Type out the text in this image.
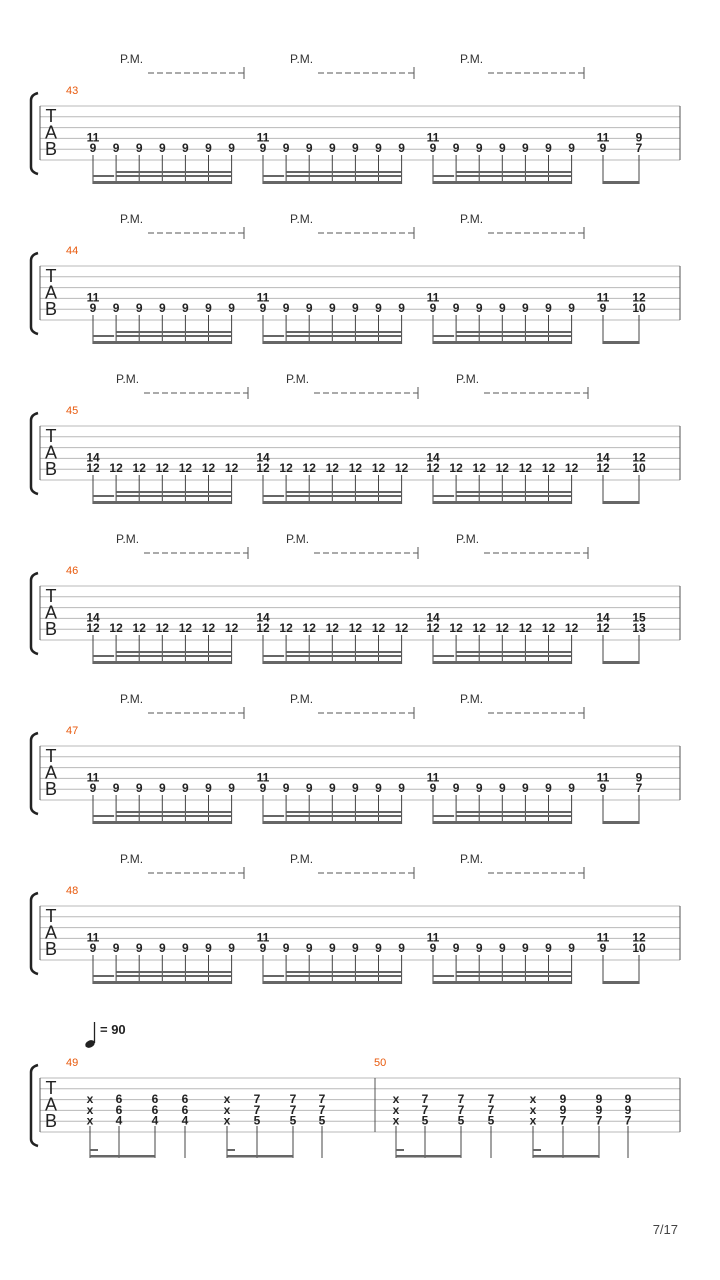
P.M.	P.M.	P.M.
T
A
B
43
11
9 9 9 9 9 9 9
11
9 9 9 9 9 9 9
11
9 9 9 9 9 9 9
11
9
9
7
P.M.	P.M.	P.M.
T
A
B
44
11
9 9 9 9 9 9 9
11
9 9 9 9 9 9 9
11
9 9 9 9 9 9 9
11
9
12
10
P.M.	P.M.	P.M.
T
A
B
45
14
12 12 12 12 12 12 12
14
12 12 12 12 12 12 12
14
12 12 12 12 12 12 12
14
12
12
10
P.M.	P.M.	P.M.
T
A
B
46
14
12 12 12 12 12 12 12
14
12 12 12 12 12 12 12
14
12 12 12 12 12 12 12
14
12
15
13
P.M.	P.M.	P.M.
T
A
B
47
11
9 9 9 9 9 9 9
11
9 9 9 9 9 9 9
11
9 9 9 9 9 9 9
11
9
9
7
P.M.	P.M.	P.M.
T
A
B
48
11
9 9 9 9 9 9 9
11
9 9 9 9 9 9 9
11
9 9 9 9 9 9 9
11
9
12
10
= 90
T
A
B
49
x
x
x
6
6
4
6
6
4
6
6
4
x
x
x
7
7
5
7
7
5
7
7
5
50
x
x
x
7
7
5
7
7
5
7
7
5
x
x
x
9
9
7
9
9
7
9
9
7
7/17
